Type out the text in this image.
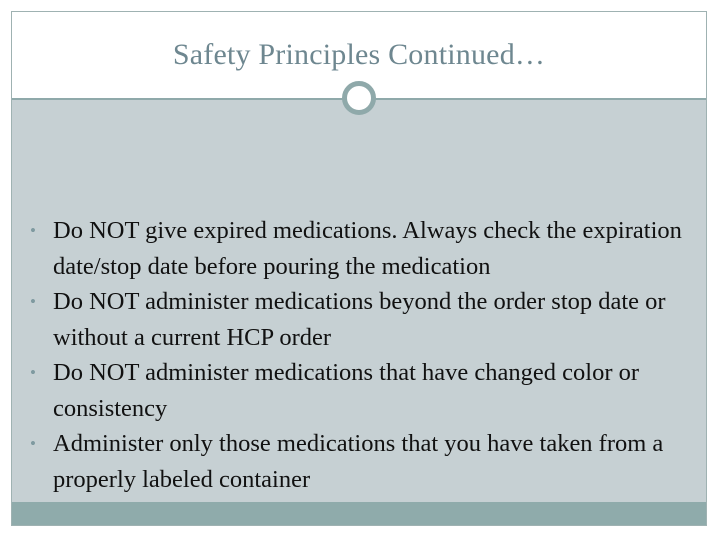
Safety Principles Continued…
• Do NOT give expired medications. Always check the expiration date/stop date before pouring the medication
• Do NOT administer medications beyond the order stop date or without a current HCP order
• Do NOT administer medications that have changed color or consistency
• Administer only those medications that you have taken from a properly labeled container
